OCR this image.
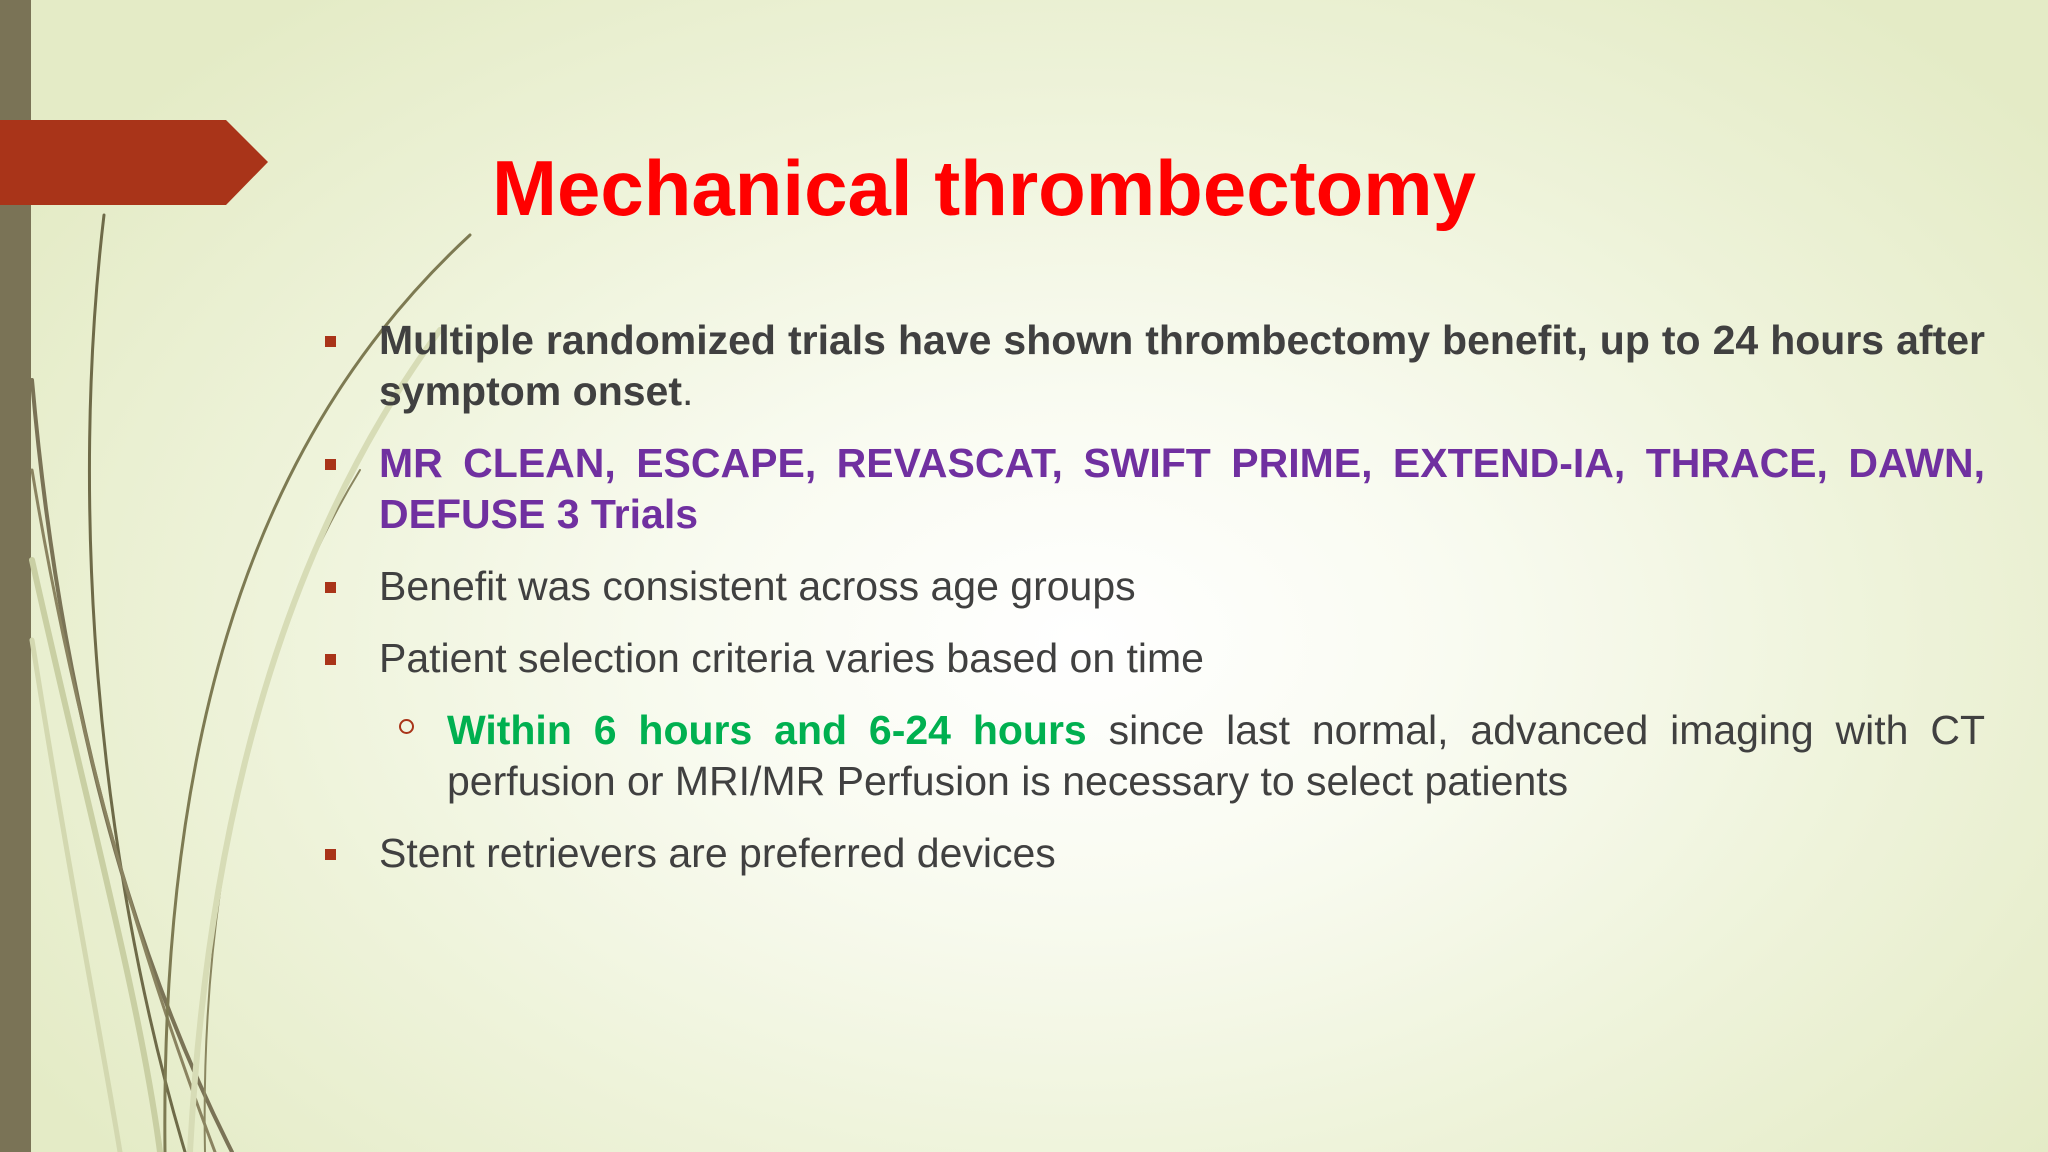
Mechanical thrombectomy
Multiple randomized trials have shown thrombectomy benefit, up to 24 hours after symptom onset.
MR CLEAN, ESCAPE, REVASCAT, SWIFT PRIME, EXTEND-IA, THRACE, DAWN, DEFUSE 3 Trials
Benefit was consistent across age groups
Patient selection criteria varies based on time
Within 6 hours and 6-24 hours since last normal, advanced imaging with CT perfusion or MRI/MR Perfusion is necessary to select patients
Stent retrievers are preferred devices
